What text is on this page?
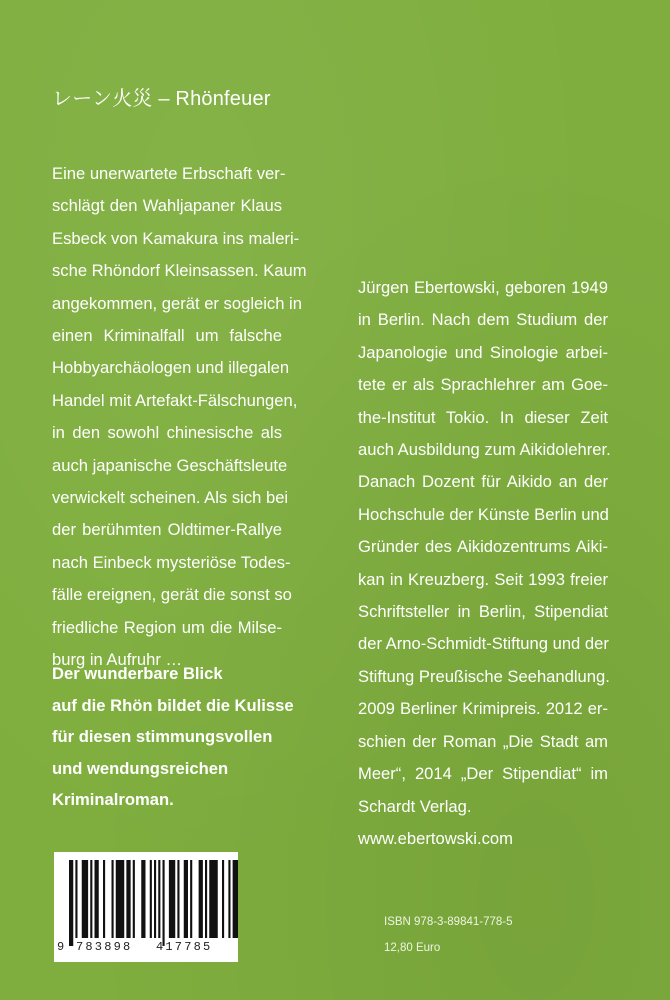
レーン火災 – Rhönfeuer
Eine unerwartete Erbschaft ver-
schlägt den Wahljapaner Klaus
Esbeck von Kamakura ins maleri-
sche Rhöndorf Kleinsassen. Kaum
angekommen, gerät er sogleich in
einen Kriminalfall um falsche
Hobbyarchäologen und illegalen
Handel mit Artefakt-Fälschungen,
in den sowohl chinesische als
auch japanische Geschäftsleute
verwickelt scheinen. Als sich bei
der berühmten Oldtimer-Rallye
nach Einbeck mysteriöse Todes-
fälle ereignen, gerät die sonst so
friedliche Region um die Milse-
burg in Aufruhr …
Der wunderbare Blick
auf die Rhön bildet die Kulisse
für diesen stimmungsvollen
und wendungsreichen
Kriminalroman.
Jürgen Ebertowski, geboren 1949
in Berlin. Nach dem Studium der
Japanologie und Sinologie arbei-
tete er als Sprachlehrer am Goe-
the-Institut Tokio. In dieser Zeit
auch Ausbildung zum Aikidolehrer.
Danach Dozent für Aikido an der
Hochschule der Künste Berlin und
Gründer des Aikidozentrums Aiki-
kan in Kreuzberg. Seit 1993 freier
Schriftsteller in Berlin, Stipendiat
der Arno-Schmidt-Stiftung und der
Stiftung Preußische Seehandlung.
2009 Berliner Krimipreis. 2012 er-
schien der Roman „Die Stadt am
Meer“, 2014 „Der Stipendiat“ im
Schardt Verlag.
www.ebertowski.com
9 783898 417785
ISBN 978-3-89841-778-5
12,80 Euro
